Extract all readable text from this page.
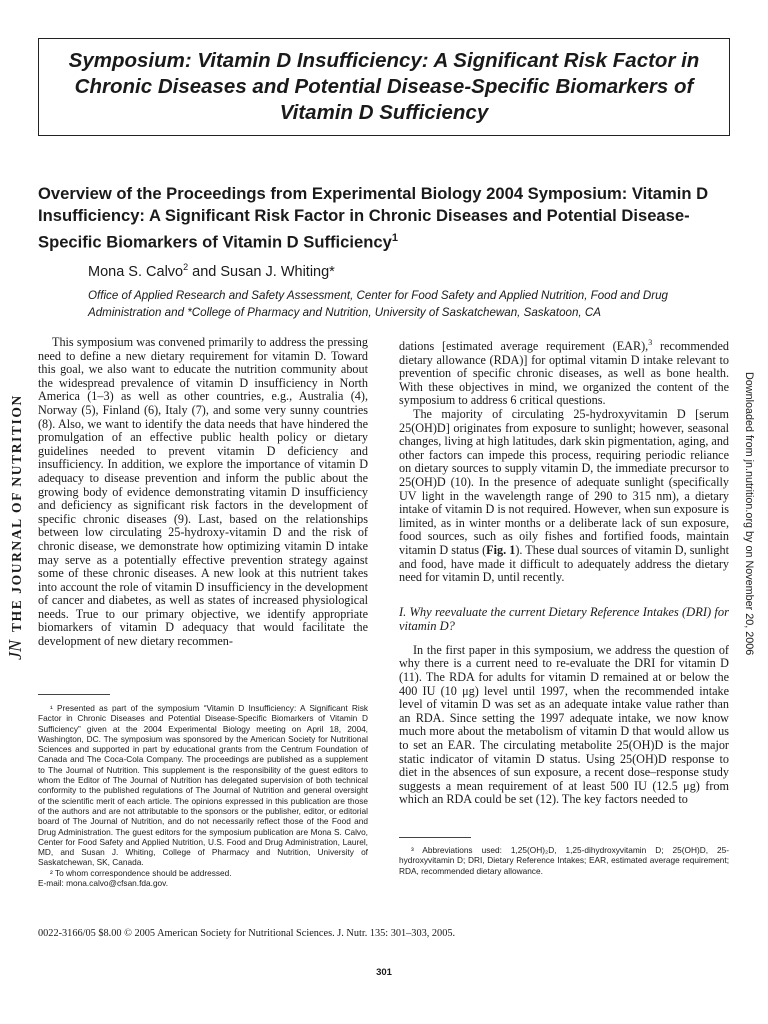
Symposium: Vitamin D Insufficiency: A Significant Risk Factor in Chronic Diseases and Potential Disease-Specific Biomarkers of Vitamin D Sufficiency
Overview of the Proceedings from Experimental Biology 2004 Symposium: Vitamin D Insufficiency: A Significant Risk Factor in Chronic Diseases and Potential Disease-Specific Biomarkers of Vitamin D Sufficiency$^1$
Mona S. Calvo$^2$ and Susan J. Whiting*
Office of Applied Research and Safety Assessment, Center for Food Safety and Applied Nutrition, Food and Drug Administration and *College of Pharmacy and Nutrition, University of Saskatchewan, Saskatoon, CA

This symposium was convened primarily to address the pressing need to define a new dietary requirement for vitamin D. Toward this goal, we also want to educate the nutrition community about the widespread prevalence of vitamin D insufficiency in North America (1–3) as well as other countries, e.g., Australia (4), Norway (5), Finland (6), Italy (7), and some very sunny countries (8). Also, we want to identify the data needs that have hindered the promulgation of an effective public health policy or dietary guidelines needed to prevent vitamin D deficiency and insufficiency. In addition, we explore the importance of vitamin D adequacy to disease prevention and inform the public about the growing body of evidence demonstrating vitamin D insufficiency and deficiency as significant risk factors in the development of specific chronic diseases (9). Last, based on the relationships between low circulating 25-hydroxy-vitamin D and the risk of chronic disease, we demonstrate how optimizing vitamin D intake may serve as a potentially effective prevention strategy against some of these chronic diseases. A new look at this nutrient takes into account the role of vitamin D insufficiency in the development of cancer and diabetes, as well as states of increased physiological needs. True to our primary objective, we identify appropriate biomarkers of vitamin D adequacy that would facilitate the development of new dietary recommen-

dations [estimated average requirement (EAR),$^3$ recommended dietary allowance (RDA)] for optimal vitamin D intake relevant to prevention of specific chronic diseases, as well as bone health. With these objectives in mind, we organized the content of the symposium to address 6 critical questions.

The majority of circulating 25-hydroxyvitamin D [serum 25(OH)D] originates from exposure to sunlight; however, seasonal changes, living at high latitudes, dark skin pigmentation, aging, and other factors can impede this process, requiring periodic reliance on dietary sources to supply vitamin D, the immediate precursor to 25(OH)D (10). In the presence of adequate sunlight (specifically UV light in the wavelength range of 290 to 315 nm), a dietary intake of vitamin D is not required. However, when sun exposure is limited, as in winter months or a deliberate lack of sun exposure, food sources, such as oily fishes and fortified foods, maintain vitamin D status (Fig. 1). These dual sources of vitamin D, sunlight and food, have made it difficult to adequately address the dietary need for vitamin D, until recently.

I. Why reevaluate the current Dietary Reference Intakes (DRI) for vitamin D?

In the first paper in this symposium, we address the question of why there is a current need to re-evaluate the DRI for vitamin D (11). The RDA for adults for vitamin D remained at or below the 400 IU (10 μg) level until 1997, when the recommended intake level of vitamin D was set as an adequate intake value rather than an RDA. Since setting the 1997 adequate intake, we now know much more about the metabolism of vitamin D that would allow us to set an EAR. The circulating metabolite 25(OH)D is the major static indicator of vitamin D status. Using 25(OH)D response to diet in the absences of sun exposure, a recent dose–response study suggests a mean requirement of at least 500 IU (12.5 μg) from which an RDA could be set (12). The key factors needed to

¹ Presented as part of the symposium “Vitamin D Insufficiency: A Significant Risk Factor in Chronic Diseases and Potential Disease-Specific Biomarkers of Vitamin D Sufficiency” given at the 2004 Experimental Biology meeting on April 18, 2004, Washington, DC. The symposium was sponsored by the American Society for Nutritional Sciences and supported in part by educational grants from the Centrum Foundation of Canada and The Coca-Cola Company. The proceedings are published as a supplement to The Journal of Nutrition. This supplement is the responsibility of the guest editors to whom the Editor of The Journal of Nutrition has delegated supervision of both technical conformity to the published regulations of The Journal of Nutrition and general oversight of the scientific merit of each article. The opinions expressed in this publication are those of the authors and are not attributable to the sponsors or the publisher, editor, or editorial board of The Journal of Nutrition, and do not necessarily reflect those of the Food and Drug Administration. The guest editors for the symposium publication are Mona S. Calvo, Center for Food Safety and Applied Nutrition, U.S. Food and Drug Administration, Laurel, MD, and Susan J. Whiting, College of Pharmacy and Nutrition, University of Saskatchewan, SK, Canada.

² To whom correspondence should be addressed.

E-mail: mona.calvo@cfsan.fda.gov.

³ Abbreviations used: 1,25(OH)₂D, 1,25-dihydroxyvitamin D; 25(OH)D, 25-hydroxyvitamin D; DRI, Dietary Reference Intakes; EAR, estimated average requirement; RDA, recommended dietary allowance.

0022-3166/05 $8.00 © 2005 American Society for Nutritional Sciences. J. Nutr. 135: 301–303, 2005.
301
JNTHE JOURNAL OF NUTRITION	Downloaded from jn.nutrition.org by on November 20, 2006
